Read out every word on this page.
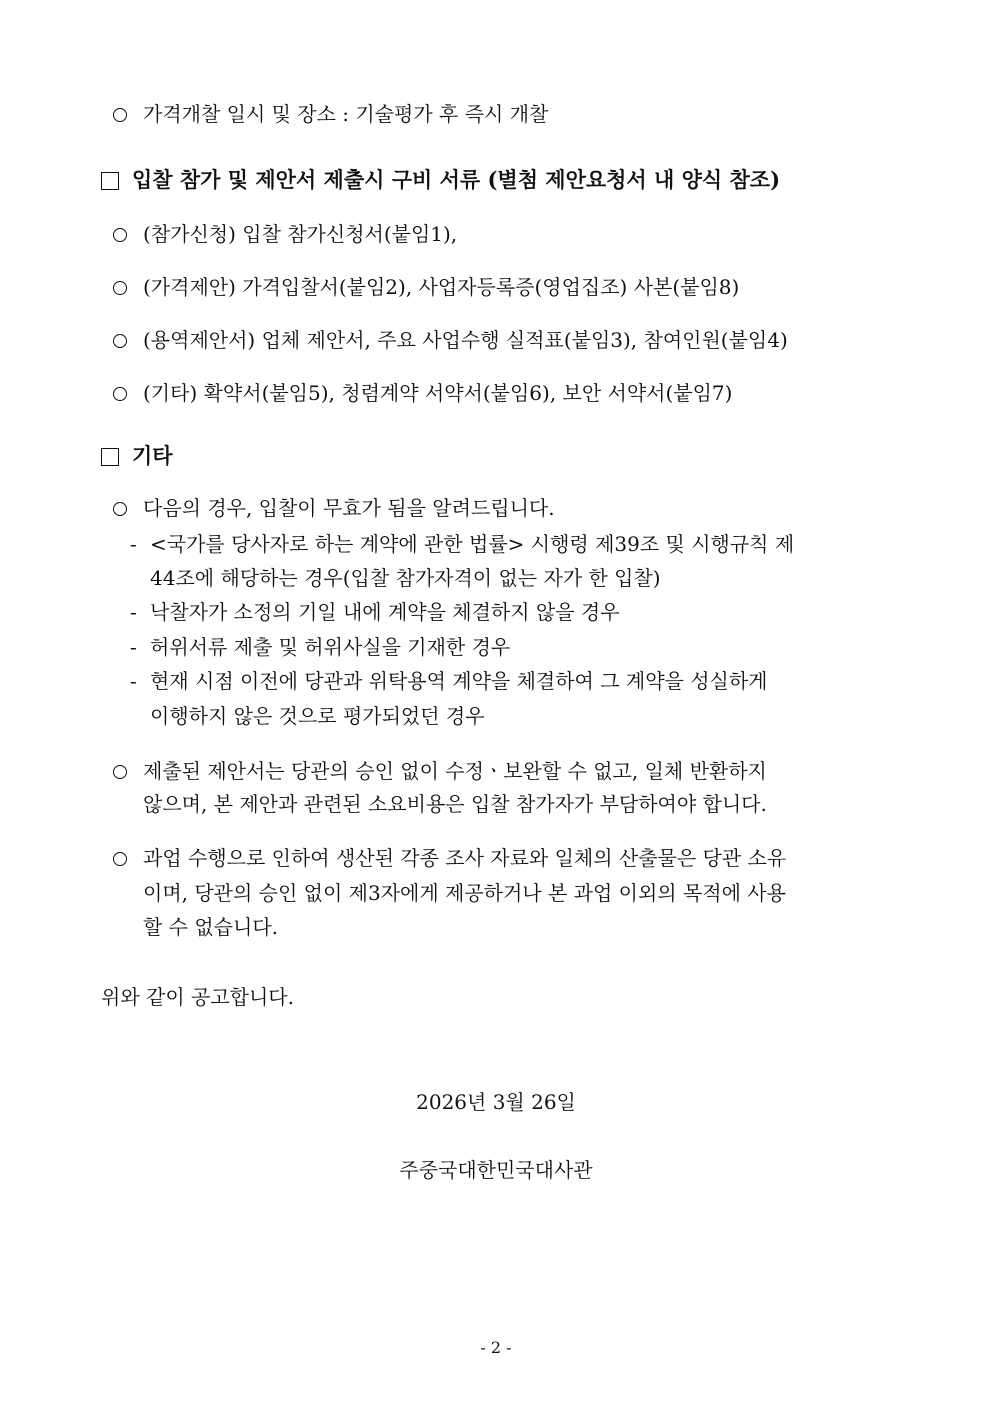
가격개찰 일시 및 장소 : 기술평가 후 즉시 개찰
입찰 참가 및 제안서 제출시 구비 서류 (별첨 제안요청서 내 양식 참조)
(참가신청) 입찰 참가신청서(붙임1),
(가격제안) 가격입찰서(붙임2), 사업자등록증(영업집조) 사본(붙임8)
(용역제안서) 업체 제안서, 주요 사업수행 실적표(붙임3), 참여인원(붙임4)
(기타) 확약서(붙임5), 청렴계약 서약서(붙임6), 보안 서약서(붙임7)
기타
다음의 경우, 입찰이 무효가 됨을 알려드립니다.
- <국가를 당사자로 하는 계약에 관한 법률> 시행령 제39조 및 시행규칙 제
44조에 해당하는 경우(입찰 참가자격이 없는 자가 한 입찰)
- 낙찰자가 소정의 기일 내에 계약을 체결하지 않을 경우
- 허위서류 제출 및 허위사실을 기재한 경우
- 현재 시점 이전에 당관과 위탁용역 계약을 체결하여 그 계약을 성실하게
이행하지 않은 것으로 평가되었던 경우
제출된 제안서는 당관의 승인 없이 수정ㆍ보완할 수 없고, 일체 반환하지
않으며, 본 제안과 관련된 소요비용은 입찰 참가자가 부담하여야 합니다.
과업 수행으로 인하여 생산된 각종 조사 자료와 일체의 산출물은 당관 소유
이며, 당관의 승인 없이 제3자에게 제공하거나 본 과업 이외의 목적에 사용
할 수 없습니다.
위와 같이 공고합니다.
2026년 3월 26일
주중국대한민국대사관
- 2 -
